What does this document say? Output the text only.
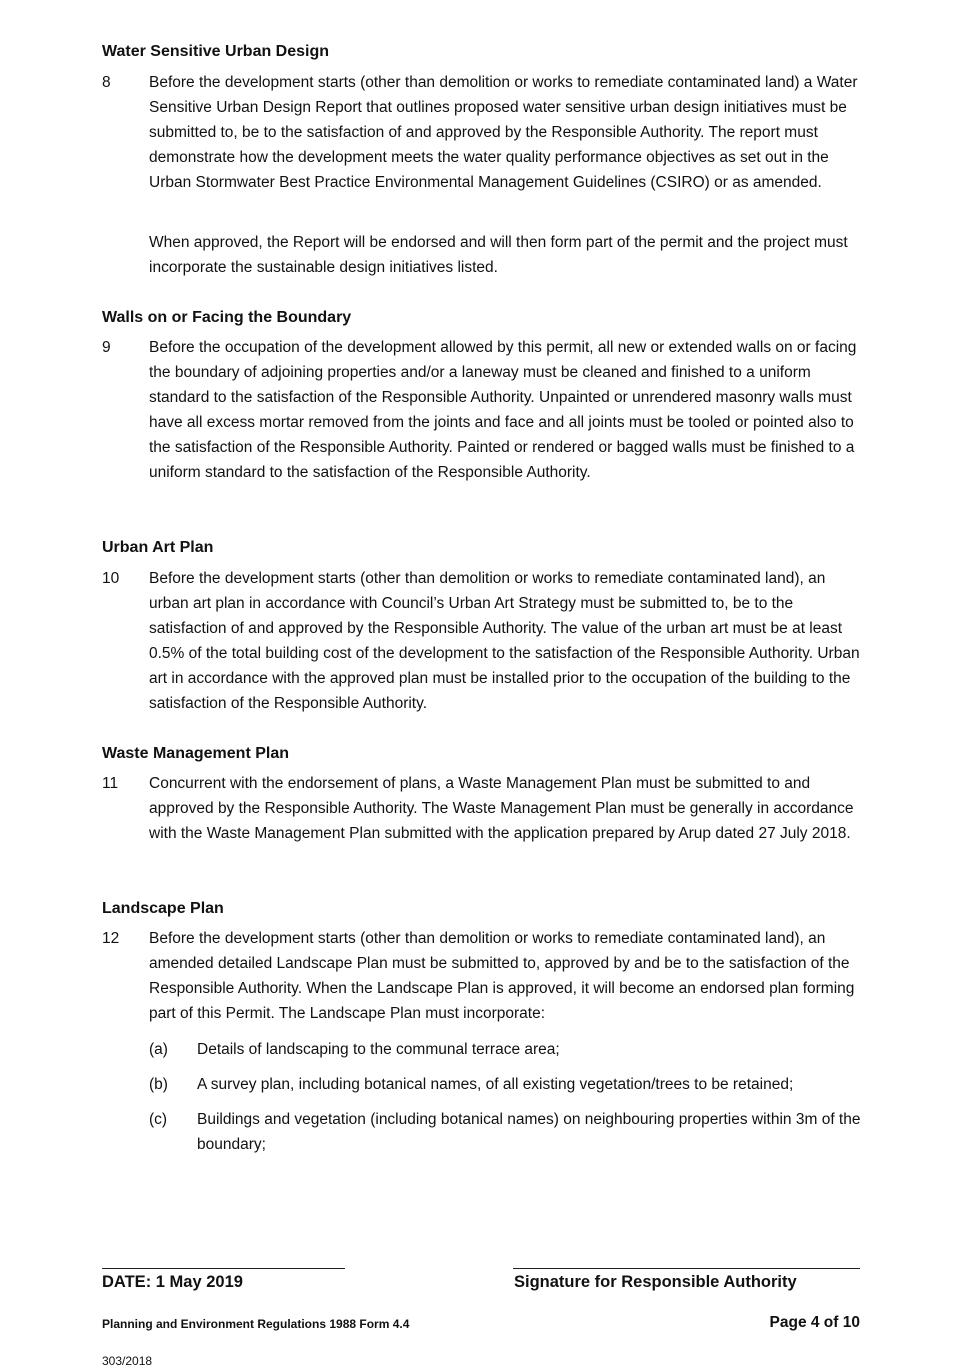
Water Sensitive Urban Design
8 Before the development starts (other than demolition or works to remediate contaminated land) a Water Sensitive Urban Design Report that outlines proposed water sensitive urban design initiatives must be submitted to, be to the satisfaction of and approved by the Responsible Authority. The report must demonstrate how the development meets the water quality performance objectives as set out in the Urban Stormwater Best Practice Environmental Management Guidelines (CSIRO) or as amended.

When approved, the Report will be endorsed and will then form part of the permit and the project must incorporate the sustainable design initiatives listed.

Walls on or Facing the Boundary
9 Before the occupation of the development allowed by this permit, all new or extended walls on or facing the boundary of adjoining properties and/or a laneway must be cleaned and finished to a uniform standard to the satisfaction of the Responsible Authority. Unpainted or unrendered masonry walls must have all excess mortar removed from the joints and face and all joints must be tooled or pointed also to the satisfaction of the Responsible Authority. Painted or rendered or bagged walls must be finished to a uniform standard to the satisfaction of the Responsible Authority.

Urban Art Plan
10 Before the development starts (other than demolition or works to remediate contaminated land), an urban art plan in accordance with Council’s Urban Art Strategy must be submitted to, be to the satisfaction of and approved by the Responsible Authority. The value of the urban art must be at least 0.5% of the total building cost of the development to the satisfaction of the Responsible Authority. Urban art in accordance with the approved plan must be installed prior to the occupation of the building to the satisfaction of the Responsible Authority.

Waste Management Plan
11 Concurrent with the endorsement of plans, a Waste Management Plan must be submitted to and approved by the Responsible Authority. The Waste Management Plan must be generally in accordance with the Waste Management Plan submitted with the application prepared by Arup dated 27 July 2018.

Landscape Plan
12 Before the development starts (other than demolition or works to remediate contaminated land), an amended detailed Landscape Plan must be submitted to, approved by and be to the satisfaction of the Responsible Authority. When the Landscape Plan is approved, it will become an endorsed plan forming part of this Permit. The Landscape Plan must incorporate:

(a) Details of landscaping to the communal terrace area;
(b) A survey plan, including botanical names, of all existing vegetation/trees to be retained;
(c) Buildings and vegetation (including botanical names) on neighbouring properties within 3m of the boundary;
DATE: 1 May 2019	Signature for Responsible Authority
Planning and Environment Regulations 1988 Form 4.4	Page 4 of 10
303/2018
